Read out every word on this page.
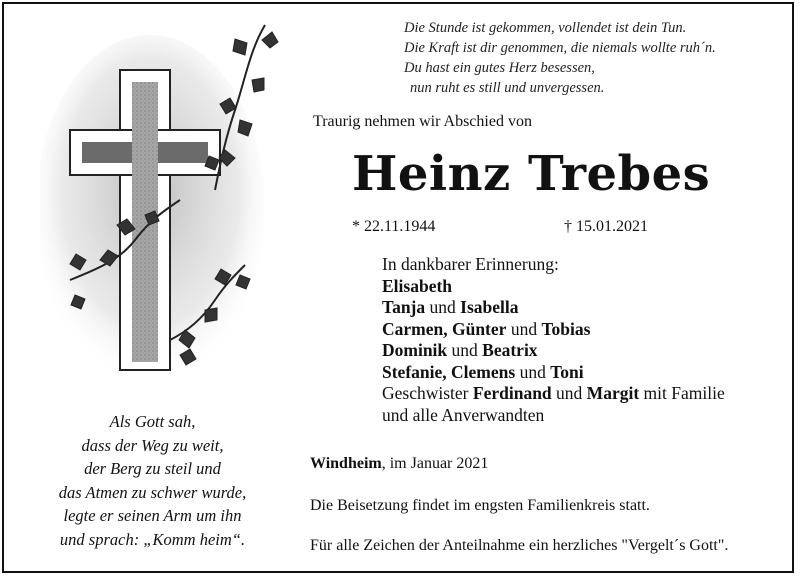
Die Stunde ist gekommen, vollendet ist dein Tun.
Die Kraft ist dir genommen, die niemals wollte ruh´n.
Du hast ein gutes Herz besessen,
nun ruht es still und unvergessen.
Traurig nehmen wir Abschied von
Heinz Trebes
* 22.11.1944	† 15.01.2021
In dankbarer Erinnerung:
Elisabeth
Tanja und Isabella
Carmen, Günter und Tobias
Dominik und Beatrix
Stefanie, Clemens und Toni
Geschwister Ferdinand und Margit mit Familie
und alle Anverwandten
Windheim, im Januar 2021
Die Beisetzung findet im engsten Familienkreis statt.
Für alle Zeichen der Anteilnahme ein herzliches "Vergelt´s Gott".
Als Gott sah,
dass der Weg zu weit,
der Berg zu steil und
das Atmen zu schwer wurde,
legte er seinen Arm um ihn
und sprach: „Komm heim“.
